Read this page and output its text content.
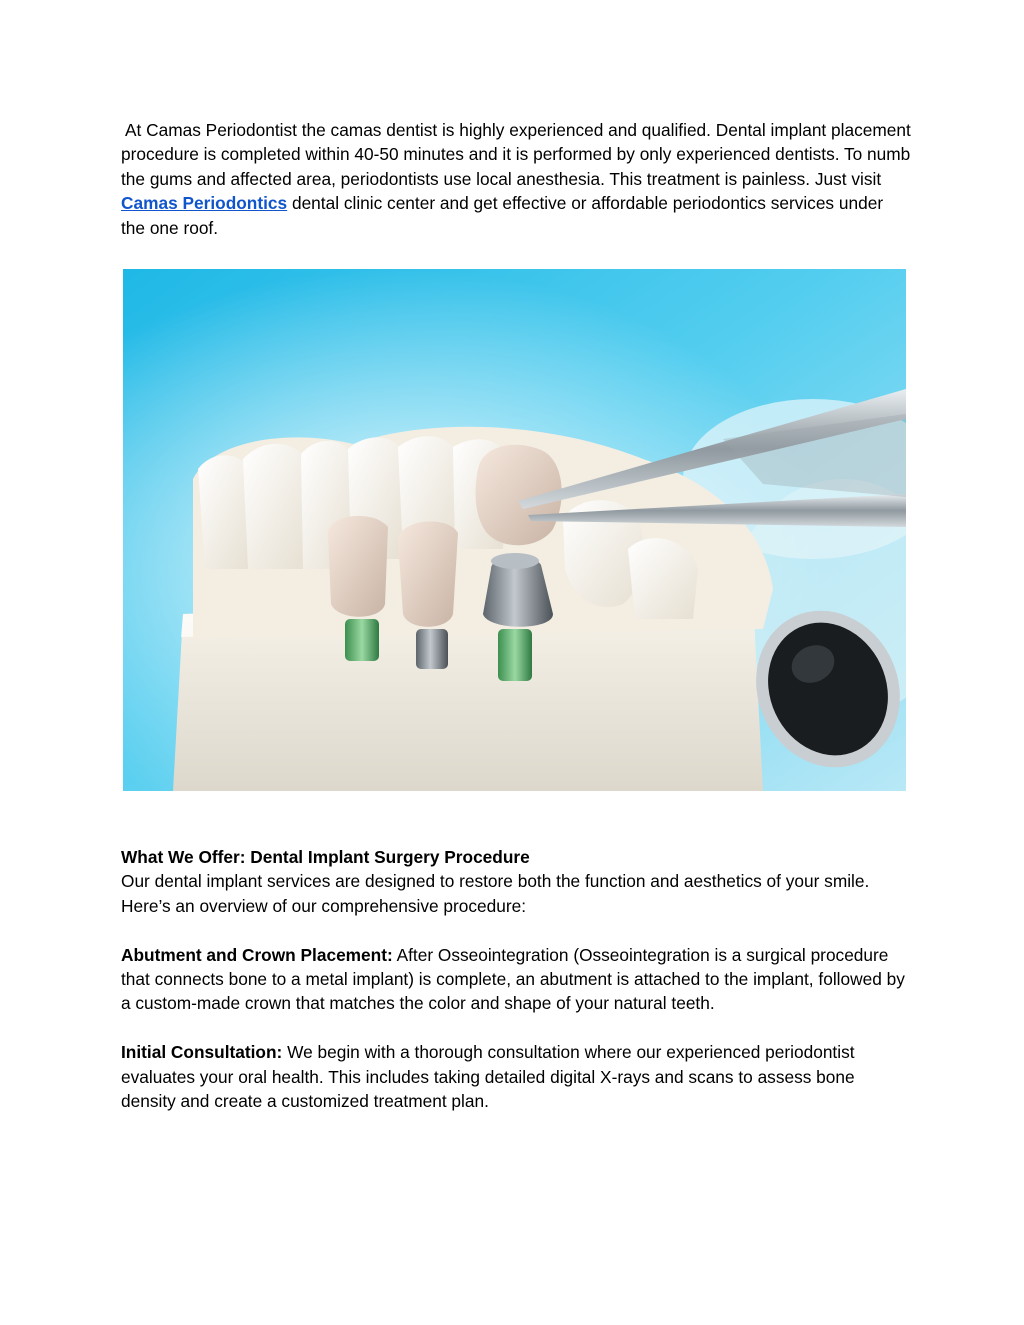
At Camas Periodontist the camas dentist is highly experienced and qualified. Dental implant placement procedure is completed within 40-50 minutes and it is performed by only experienced dentists. To numb the gums and affected area, periodontists use local anesthesia. This treatment is painless. Just visit Camas Periodontics dental clinic center and get effective or affordable periodontics services under the one roof.

What We Offer: Dental Implant Surgery Procedure

Our dental implant services are designed to restore both the function and aesthetics of your smile. Here’s an overview of our comprehensive procedure:

Abutment and Crown Placement: After Osseointegration (Osseointegration is a surgical procedure that connects bone to a metal implant) is complete, an abutment is attached to the implant, followed by a custom-made crown that matches the color and shape of your natural teeth.

Initial Consultation: We begin with a thorough consultation where our experienced periodontist evaluates your oral health. This includes taking detailed digital X-rays and scans to assess bone density and create a customized treatment plan.
